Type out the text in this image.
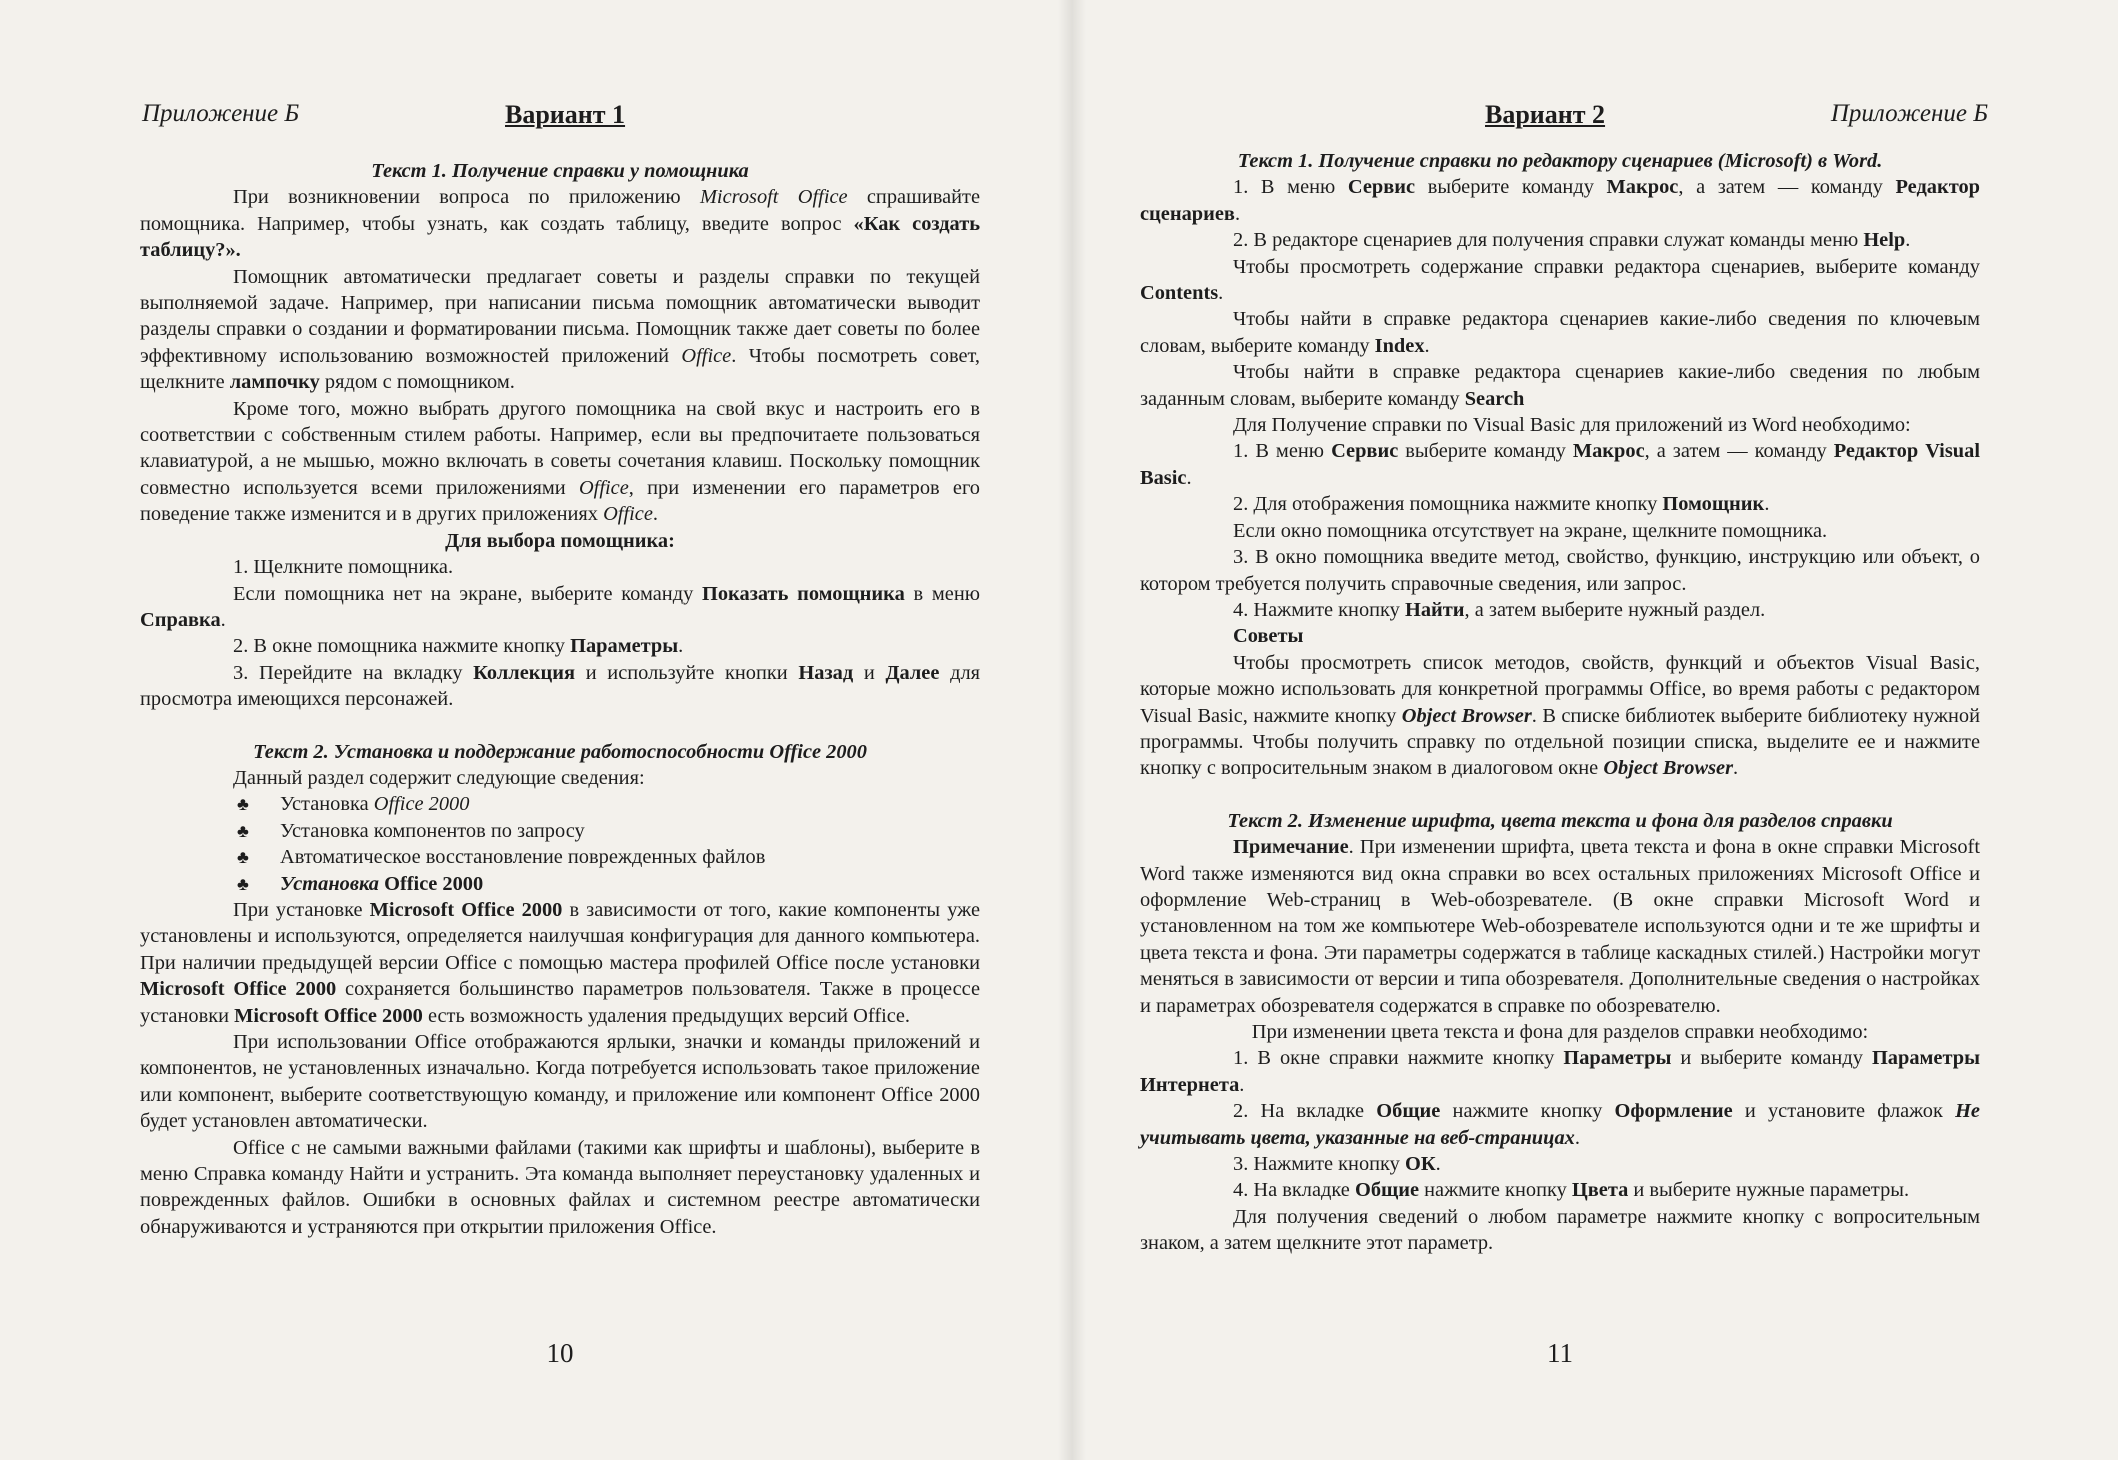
Приложение Б	Вариант 1

Текст 1. Получение справки у помощника

При возникновении вопроса по приложению Microsoft Office спрашивайте помощника. Например, чтобы узнать, как создать таблицу, введите вопрос «Как создать таблицу?».

Помощник автоматически предлагает советы и разделы справки по текущей выполняемой задаче. Например, при написании письма помощник автоматически выводит разделы справки о создании и форматировании письма. Помощник также дает советы по более эффективному использованию возможностей приложений Office. Чтобы посмотреть совет, щелкните лампочку рядом с помощником.

Кроме того, можно выбрать другого помощника на свой вкус и настроить его в соответствии с собственным стилем работы. Например, если вы предпочитаете пользоваться клавиатурой, а не мышью, можно включать в советы сочетания клавиш. Поскольку помощник совместно используется всеми приложениями Office, при изменении его параметров его поведение также изменится и в других приложениях Office.

Для выбора помощника:

1. Щелкните помощника.

Если помощника нет на экране, выберите команду Показать помощника в меню Справка.

2. В окне помощника нажмите кнопку Параметры.

3. Перейдите на вкладку Коллекция и используйте кнопки Назад и Далее для просмотра имеющихся персонажей.

Текст 2. Установка и поддержание работоспособности Office 2000

Данный раздел содержит следующие сведения:

♣ Установка Office 2000
♣ Установка компонентов по запросу
♣ Автоматическое восстановление поврежденных файлов
♣ Установка Office 2000

При установке Microsoft Office 2000 в зависимости от того, какие компоненты уже установлены и используются, определяется наилучшая конфигурация для данного компьютера. При наличии предыдущей версии Office с помощью мастера профилей Office после установки Microsoft Office 2000 сохраняется большинство параметров пользователя. Также в процессе установки Microsoft Office 2000 есть возможность удаления предыдущих версий Office.

При использовании Office отображаются ярлыки, значки и команды приложений и компонентов, не установленных изначально. Когда потребуется использовать такое приложение или компонент, выберите соответствующую команду, и приложение или компонент Office 2000 будет установлен автоматически.

Office с не самыми важными файлами (такими как шрифты и шаблоны), выберите в меню Справка команду Найти и устранить. Эта команда выполняет переустановку удаленных и поврежденных файлов. Ошибки в основных файлах и системном реестре автоматически обнаруживаются и устраняются при открытии приложения Office.

10
Вариант 2	Приложение Б

Текст 1. Получение справки по редактору сценариев (Microsoft) в Word.

1. В меню Сервис выберите команду Макрос, а затем — команду Редактор сценариев.

2. В редакторе сценариев для получения справки служат команды меню Help.

Чтобы просмотреть содержание справки редактора сценариев, выберите команду Contents.

Чтобы найти в справке редактора сценариев какие-либо сведения по ключевым словам, выберите команду Index.

Чтобы найти в справке редактора сценариев какие-либо сведения по любым заданным словам, выберите команду Search

Для Получение справки по Visual Basic для приложений из Word необходимо:

1. В меню Сервис выберите команду Макрос, а затем — команду Редактор Visual Basic.

2. Для отображения помощника нажмите кнопку Помощник.

Если окно помощника отсутствует на экране, щелкните помощника.

3. В окно помощника введите метод, свойство, функцию, инструкцию или объект, о котором требуется получить справочные сведения, или запрос.

4. Нажмите кнопку Найти, а затем выберите нужный раздел.

Советы

Чтобы просмотреть список методов, свойств, функций и объектов Visual Basic, которые можно использовать для конкретной программы Office, во время работы с редактором Visual Basic, нажмите кнопку Object Browser. В списке библиотек выберите библиотеку нужной программы. Чтобы получить справку по отдельной позиции списка, выделите ее и нажмите кнопку с вопросительным знаком в диалоговом окне Object Browser.

Текст 2. Изменение шрифта, цвета текста и фона для разделов справки

Примечание. При изменении шрифта, цвета текста и фона в окне справки Microsoft Word также изменяются вид окна справки во всех остальных приложениях Microsoft Office и оформление Web-страниц в Web-обозревателе. (В окне справки Microsoft Word и установленном на том же компьютере Web-обозревателе используются одни и те же шрифты и цвета текста и фона. Эти параметры содержатся в таблице каскадных стилей.) Настройки могут меняться в зависимости от версии и типа обозревателя. Дополнительные сведения о настройках и параметрах обозревателя содержатся в справке по обозревателю.

При изменении цвета текста и фона для разделов справки необходимо:

1. В окне справки нажмите кнопку Параметры и выберите команду Параметры Интернета.

2. На вкладке Общие нажмите кнопку Оформление и установите флажок Не учитывать цвета, указанные на веб-страницах.

3. Нажмите кнопку ОК.

4. На вкладке Общие нажмите кнопку Цвета и выберите нужные параметры.

Для получения сведений о любом параметре нажмите кнопку с вопросительным знаком, а затем щелкните этот параметр.

11
